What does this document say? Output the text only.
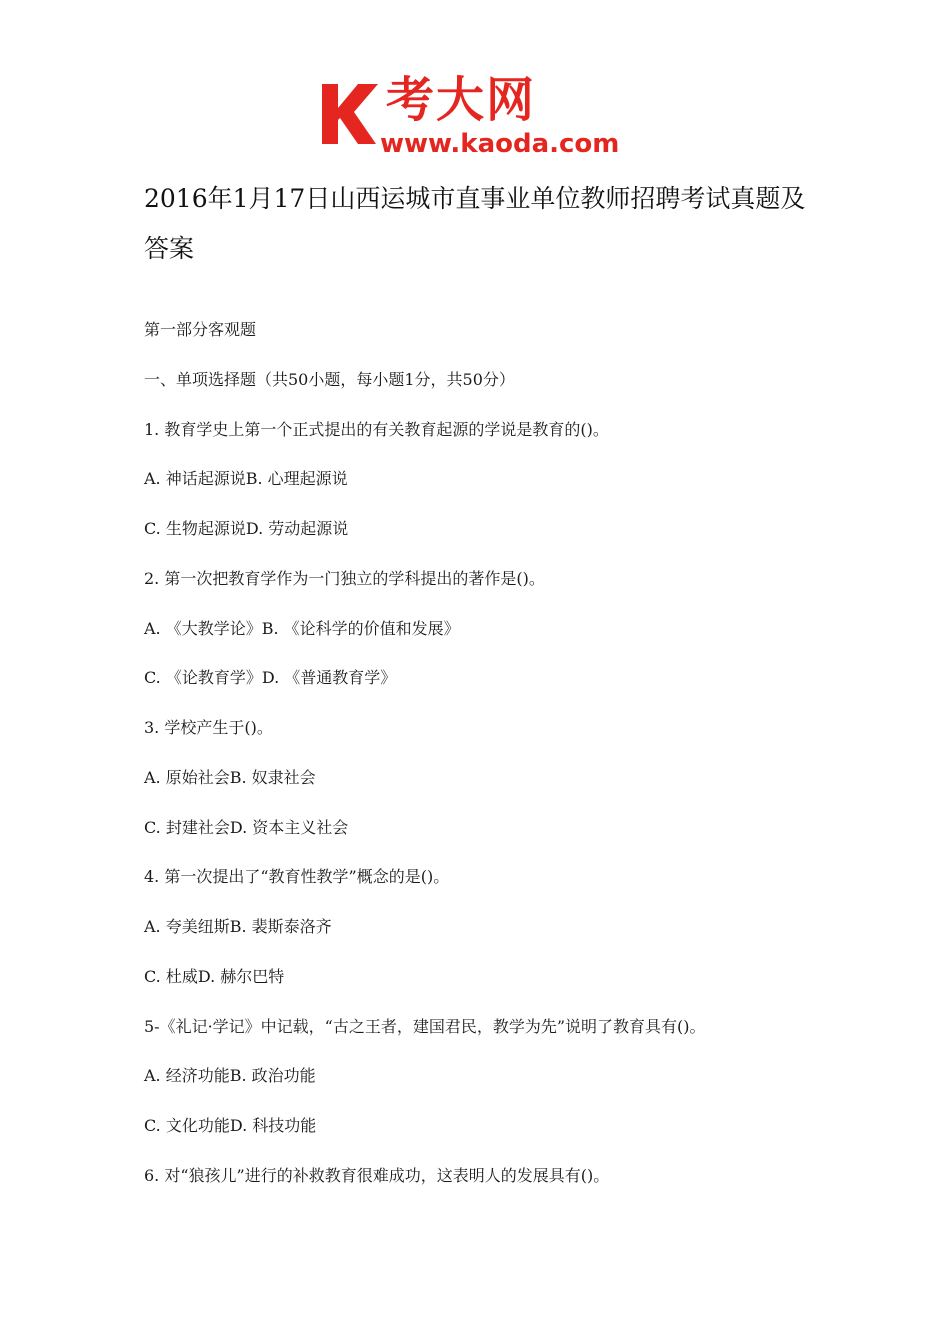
考大网
www.kaoda.com
2016年1月17日山西运城市直事业单位教师招聘考试真题及答案

第一部分客观题

一、单项选择题（共50小题，每小题1分，共50分）

1. 教育学史上第一个正式提出的有关教育起源的学说是教育的()。

A. 神话起源说B. 心理起源说

C. 生物起源说D. 劳动起源说

2. 第一次把教育学作为一门独立的学科提出的著作是()。

A. 《大教学论》B. 《论科学的价值和发展》

C. 《论教育学》D. 《普通教育学》

3. 学校产生于()。

A. 原始社会B. 奴隶社会

C. 封建社会D. 资本主义社会

4. 第一次提出了“教育性教学”概念的是()。

A. 夸美纽斯B. 裴斯泰洛齐

C. 杜威D. 赫尔巴特

5-《礼记·学记》中记载，“古之王者，建国君民，教学为先”说明了教育具有()。

A. 经济功能B. 政治功能

C. 文化功能D. 科技功能

6. 对“狼孩儿”进行的补救教育很难成功，这表明人的发展具有()。
